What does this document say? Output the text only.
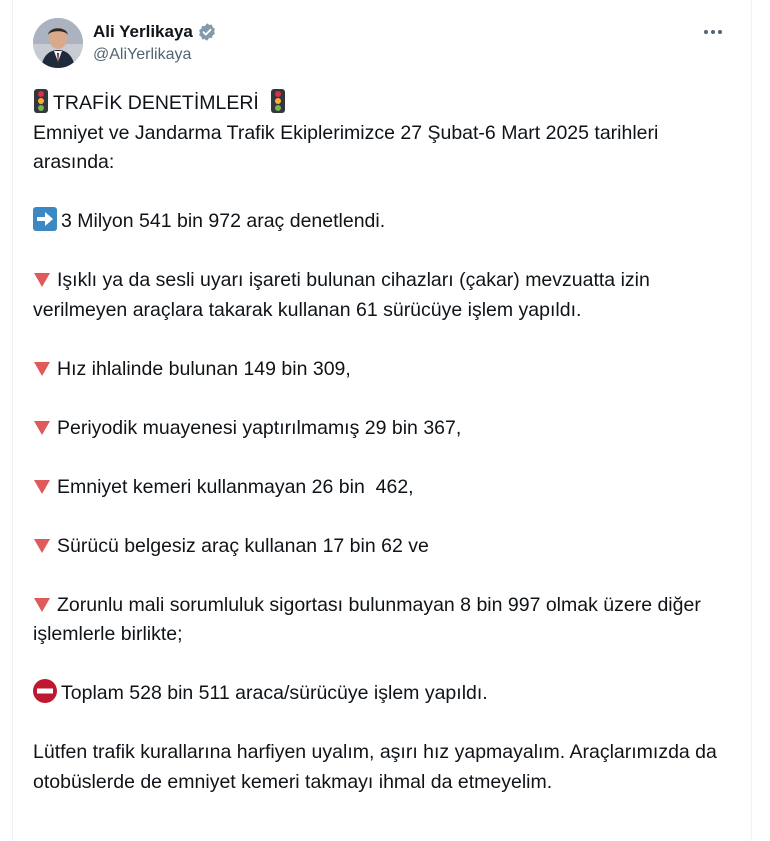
Ali Yerlikaya
@AliYerlikaya

TRAFİK DENETİMLERİ

Emniyet ve Jandarma Trafik Ekiplerimizce 27 Şubat-6 Mart 2025 tarihleri arasında:

3 Milyon 541 bin 972 araç denetlendi.

Işıklı ya da sesli uyarı işareti bulunan cihazları (çakar) mevzuatta izin verilmeyen araçlara takarak kullanan 61 sürücüye işlem yapıldı.

Hız ihlalinde bulunan 149 bin 309,

Periyodik muayenesi yaptırılmamış 29 bin 367,

Emniyet kemeri kullanmayan 26 bin  462,

Sürücü belgesiz araç kullanan 17 bin 62 ve

Zorunlu mali sorumluluk sigortası bulunmayan 8 bin 997 olmak üzere diğer işlemlerle birlikte;

Toplam 528 bin 511 araca/sürücüye işlem yapıldı.

Lütfen trafik kurallarına harfiyen uyalım, aşırı hız yapmayalım. Araçlarımızda da otobüslerde de emniyet kemeri takmayı ihmal da etmeyelim.
